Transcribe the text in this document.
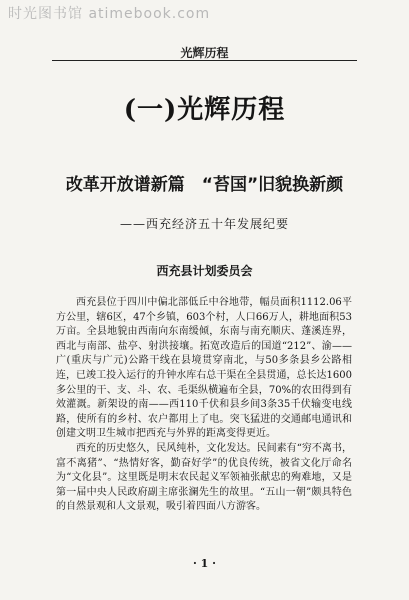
时光图书馆 atimebook.com
光辉历程
(一)光辉历程
改革开放谱新篇　“苔国”旧貌换新颜
——西充经济五十年发展纪要
西充县计划委员会

西充县位于四川中偏北部低丘中谷地带，幅员面积1112.06平方公里，辖6区，47个乡镇，603个村，人口66万人，耕地面积53万亩。全县地貌由西南向东南缓倾，东南与南充顺庆、蓬溪连界，西北与南部、盐亭、射洪接壤。拓宽改造后的国道“212”、渝——广(重庆与广元)公路干线在县境贯穿南北，与50多条县乡公路相连，已竣工投入运行的升钟水库右总干渠在全县贯通，总长达1600多公里的干、支、斗、农、毛渠纵横遍布全县，70%的农田得到有效灌溉。新架设的南——西110千伏和县乡间3条35千伏输变电线路，使所有的乡村、农户都用上了电。突飞猛进的交通邮电通讯和创建文明卫生城市把西充与外界的距离变得更近。

西充的历史悠久，民风纯朴，文化发达。民间素有“穷不离书，富不离猪”、“热情好客，勤奋好学”的优良传统，被省文化厅命名为“文化县”。这里既是明末农民起义军领袖张献忠的殉难地，又是第一届中央人民政府副主席张澜先生的故里。“五山一朝”颇具特色的自然景观和人文景观，吸引着四面八方游客。

· 1 ·
